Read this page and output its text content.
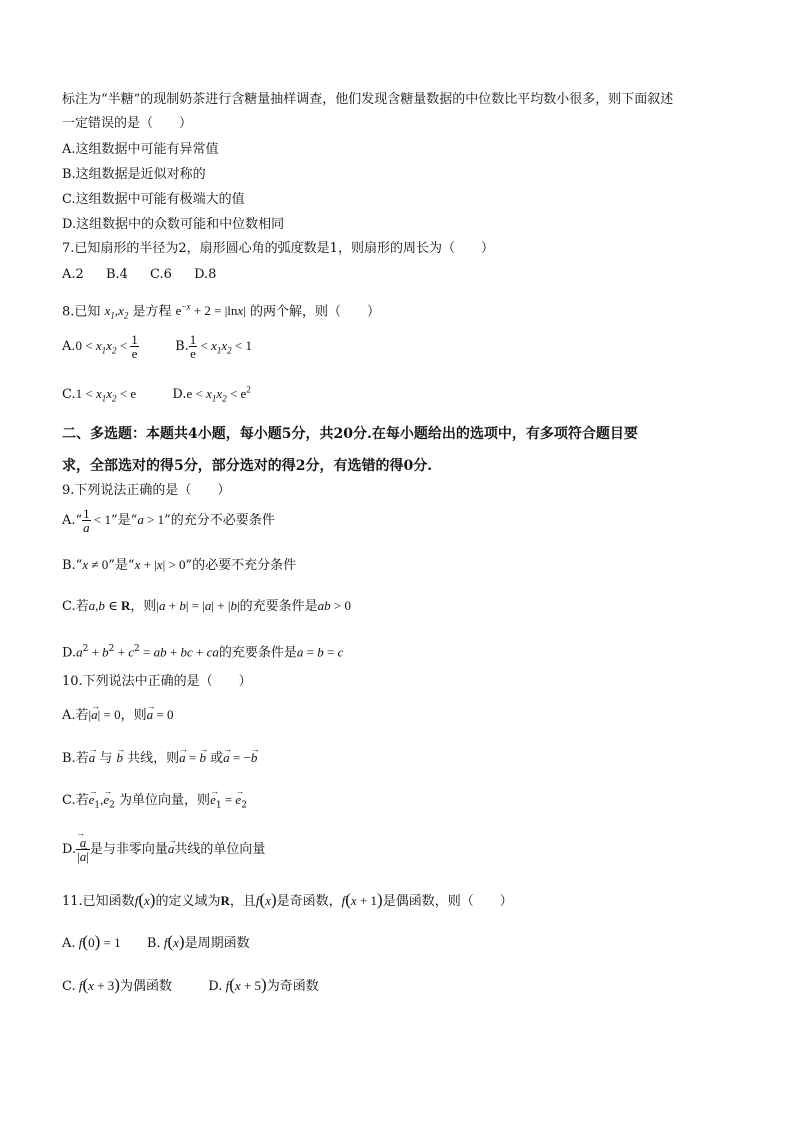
标注为“半糖”的现制奶茶进行含糖量抽样调查，他们发现含糖量数据的中位数比平均数小很多，则下面叙述
一定错误的是（　　）
A.这组数据中可能有异常值
B.这组数据是近似对称的
C.这组数据中可能有极端大的值
D.这组数据中的众数可能和中位数相同
7.已知扇形的半径为2，扇形圆心角的弧度数是1，则扇形的周长为（　　）
A.2 B.4 C.6 D.8
8.已知 $x_1,x_2$ 是方程 $e^{-x} + 2 = |\ln x|$ 的两个解，则（　　）
$A.0 < x_1x_2 < \frac{1}{e}$	B. $\frac{1}{e} < x_1x_2 < 1$
$C.1 < x_1x_2 < e$	$D.e < x_1x_2 < e^2$
二、多选题：本题共4小题，每小题5分，共20分.在每小题给出的选项中，有多项符合题目要
求，全部选对的得5分，部分选对的得2分，有选错的得0分.
9.下列说法正确的是（　　）
A.“ $\frac{1}{a} < 1$”是“a > 1”的充分不必要条件
B.“x ≠ 0”是“x + |x| > 0”的必要不充分条件
C.若a,b ∈ R，则|a + b| = |a| + |b|的充要条件是ab > 0
$D.a^2 + b^2 + c^2$ = ab + bc + ca的充要条件是a = b = c
10.下列说法中正确的是（　　）
A.若|→ a| = 0，则→ a = 0
B.若→ a 与 → b 共线，则→ a = → b 或→ a = −→ b
C.若→ $e_1,\to e_2$ 为单位向量，则→ $e_1$ = → $e_2$
D. → $\frac{a}{|\to a|}$ 是与非零向量→ a共线的单位向量
11.已知函数f(x)的定义域为R，且f(x)是奇函数，f(x + 1)是偶函数，则（　　）
A. f(0) = 1 B. f(x)是周期函数
C. f(x + 3)为偶函数	D. f(x + 5)为奇函数
